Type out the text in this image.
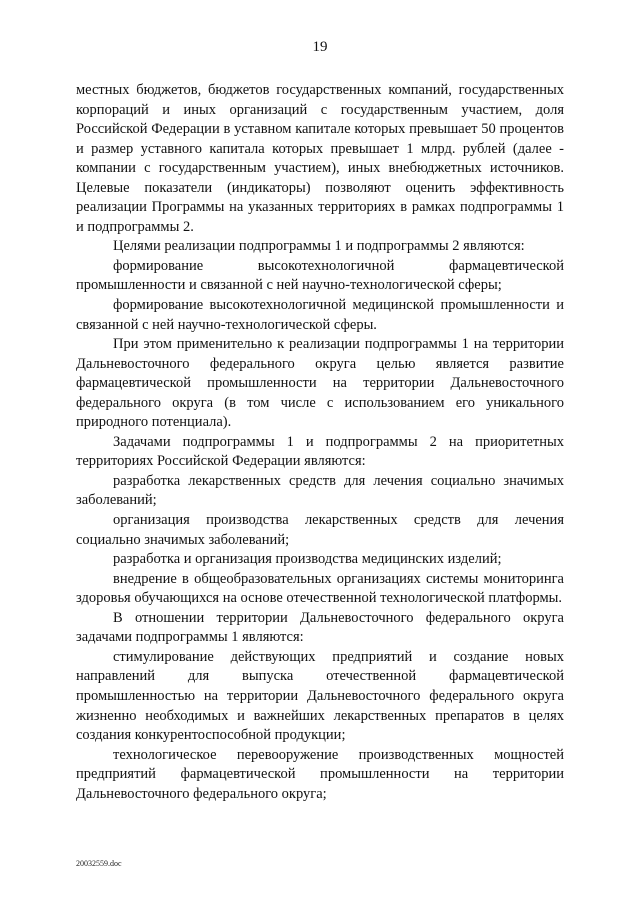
19

местных бюджетов, бюджетов государственных компаний, государственных корпораций и иных организаций с государственным участием, доля Российской Федерации в уставном капитале которых превышает 50 процентов и размер уставного капитала которых превышает 1 млрд. рублей (далее - компании с государственным участием), иных внебюджетных источников. Целевые показатели (индикаторы) позволяют оценить эффективность реализации Программы на указанных территориях в рамках подпрограммы 1 и подпрограммы 2.

Целями реализации подпрограммы 1 и подпрограммы 2 являются:

формирование высокотехнологичной фармацевтической промышленности и связанной с ней научно-технологической сферы;

формирование высокотехнологичной медицинской промышленности и связанной с ней научно-технологической сферы.

При этом применительно к реализации подпрограммы 1 на территории Дальневосточного федерального округа целью является развитие фармацевтической промышленности на территории Дальневосточного федерального округа (в том числе с использованием его уникального природного потенциала).

Задачами подпрограммы 1 и подпрограммы 2 на приоритетных территориях Российской Федерации являются:

разработка лекарственных средств для лечения социально значимых заболеваний;

организация производства лекарственных средств для лечения социально значимых заболеваний;

разработка и организация производства медицинских изделий;

внедрение в общеобразовательных организациях системы мониторинга здоровья обучающихся на основе отечественной технологической платформы.

В отношении территории Дальневосточного федерального округа задачами подпрограммы 1 являются:

стимулирование действующих предприятий и создание новых направлений для выпуска отечественной фармацевтической промышленностью на территории Дальневосточного федерального округа жизненно необходимых и важнейших лекарственных препаратов в целях создания конкурентоспособной продукции;

технологическое перевооружение производственных мощностей предприятий фармацевтической промышленности на территории Дальневосточного федерального округа;

20032559.doc
